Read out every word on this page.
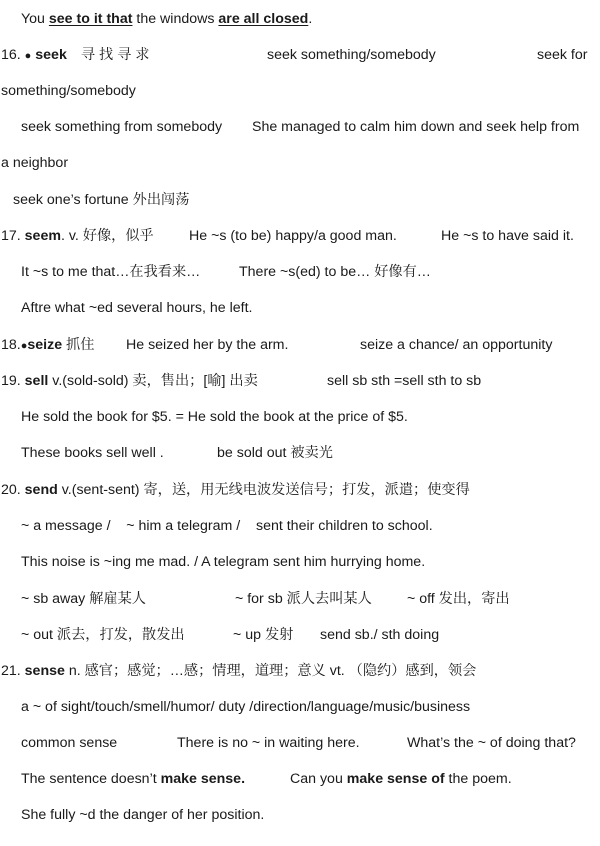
You see to it that the windows are all closed.
16. ● seek 寻 找 寻 求	seek something/somebody	seek for
something/somebody
seek something from somebody She managed to calm him down and seek help from
a neighbor
seek one’s fortune 外出闯荡
17. seem. v. 好像，似乎 He ~s (to be) happy/a good man.	He ~s to have said it.
It ~s to me that…在我看来…	There ~s(ed) to be… 好像有…
Aftre what ~ed several hours, he left.
18.●seize 抓住 He seized her by the arm.	seize a chance/ an opportunity
19. sell v.(sold-sold) 卖，售出；[喻] 出卖	sell sb sth =sell sth to sb
He sold the book for $5. = He sold the book at the price of $5.
These books sell well .	be sold out 被卖光
20. send v.(sent-sent) 寄，送，用无线电波发送信号；打发，派遣；使变得
~ a message /    ~ him a telegram /    sent their children to school.
This noise is ~ing me mad. / A telegram sent him hurrying home.
~ sb away 解雇某人	~ for sb 派人去叫某人 ~ off 发出，寄出
~ out 派去，打发，散发出	~ up 发射 send sb./ sth doing
21. sense n. 感官；感觉；…感；情理，道理；意义 vt. （隐约）感到，领会
a ~ of sight/touch/smell/humor/ duty /direction/language/music/business
common sense	There is no ~ in waiting here.	What’s the ~ of doing that?
The sentence doesn’t make sense.	Can you make sense of the poem.
She fully ~d the danger of her position.
